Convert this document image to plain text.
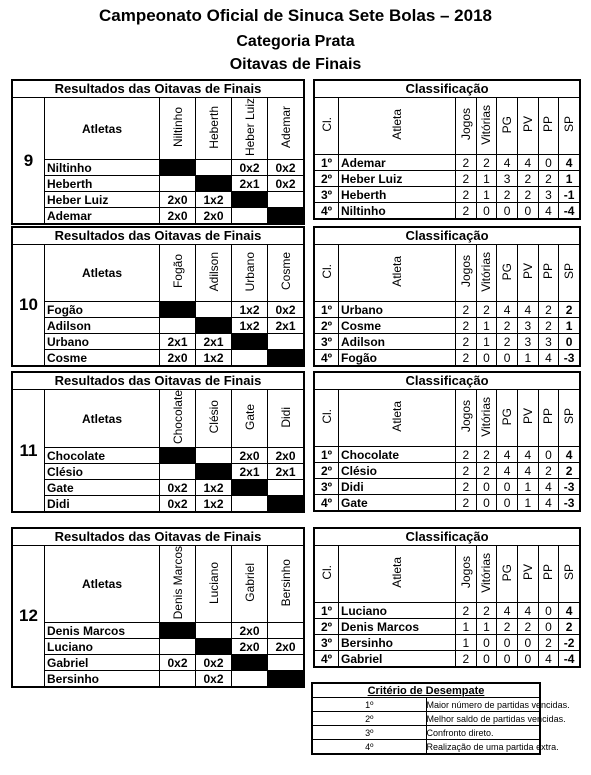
Campeonato Oficial de Sinuca Sete Bolas – 2018
Categoria Prata
Oitavas de Finais
Resultados das Oitavas de Finais					
9	Atletas	Niltinho	Heberth	Heber Luiz	Ademar
	Niltinho			0x2	0x2
	Heberth			2x1	0x2
	Heber Luiz	2x0	1x2		
	Ademar	2x0	2x0		
Classificação							
Cl.	Atleta	Jogos	Vitórias	PG	PV	PP	SP
1º	Ademar	2	2	4	4	0	4
2º	Heber Luiz	2	1	3	2	2	1
3º	Heberth	2	1	2	2	3	-1
4º	Niltinho	2	0	0	0	4	-4
Resultados das Oitavas de Finais					
10	Atletas	Fogão	Adilson	Urbano	Cosme
	Fogão			1x2	0x2
	Adilson			1x2	2x1
	Urbano	2x1	2x1		
	Cosme	2x0	1x2		
Classificação							
Cl.	Atleta	Jogos	Vitórias	PG	PV	PP	SP
1º	Urbano	2	2	4	4	2	2
2º	Cosme	2	1	2	3	2	1
3º	Adilson	2	1	2	3	3	0
4º	Fogão	2	0	0	1	4	-3
Resultados das Oitavas de Finais					
11	Atletas	Chocolate	Clésio	Gate	Didi
	Chocolate			2x0	2x0
	Clésio			2x1	2x1
	Gate	0x2	1x2		
	Didi	0x2	1x2		
Classificação							
Cl.	Atleta	Jogos	Vitórias	PG	PV	PP	SP
1º	Chocolate	2	2	4	4	0	4
2º	Clésio	2	2	4	4	2	2
3º	Didi	2	0	0	1	4	-3
4º	Gate	2	0	0	1	4	-3
Resultados das Oitavas de Finais					
12	Atletas	Denis Marcos	Luciano	Gabriel	Bersinho
	Denis Marcos			2x0	
	Luciano			2x0	2x0
	Gabriel	0x2	0x2		
	Bersinho		0x2		
Classificação							
Cl.	Atleta	Jogos	Vitórias	PG	PV	PP	SP
1º	Luciano	2	2	4	4	0	4
2º	Denis Marcos	1	1	2	2	0	2
3º	Bersinho	1	0	0	0	2	-2
4º	Gabriel	2	0	0	0	4	-4
Critério de Desempate	
1º	Maior número de partidas vencidas.
2º	Melhor saldo de partidas vencidas.
3º	Confronto direto.
4º	Realização de uma partida extra.
